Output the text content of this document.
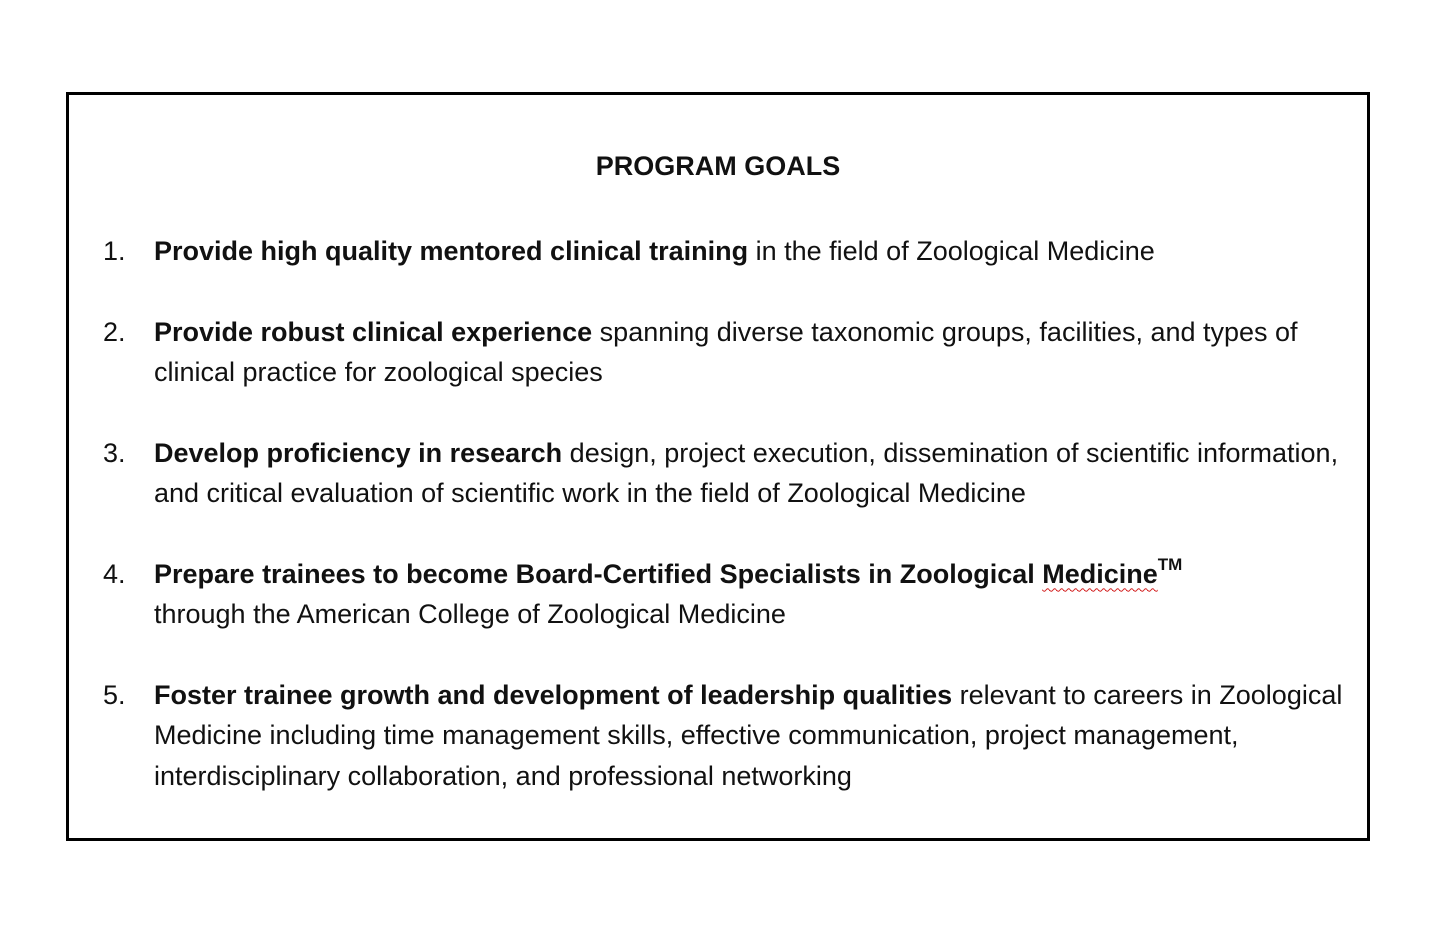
PROGRAM GOALS
1. Provide high quality mentored clinical training in the field of Zoological Medicine
2. Provide robust clinical experience spanning diverse taxonomic groups, facilities, and types of clinical practice for zoological species
3. Develop proficiency in research design, project execution, dissemination of scientific information, and critical evaluation of scientific work in the field of Zoological Medicine
4. Prepare trainees to become Board-Certified Specialists in Zoological Medicine™
through the American College of Zoological Medicine
5. Foster trainee growth and development of leadership qualities relevant to careers in Zoological Medicine including time management skills, effective communication, project management, interdisciplinary collaboration, and professional networking
